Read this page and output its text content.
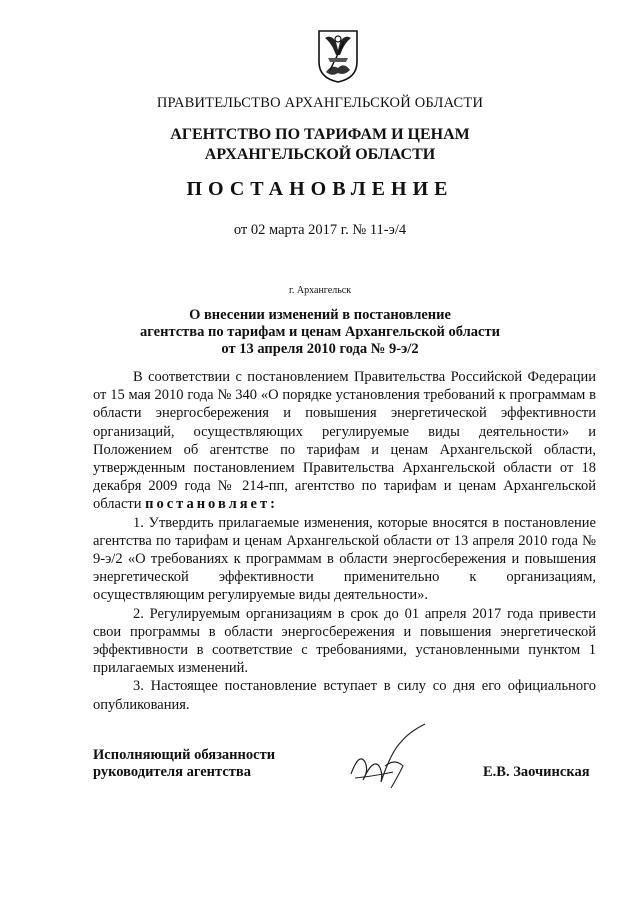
ПРАВИТЕЛЬСТВО АРХАНГЕЛЬСКОЙ ОБЛАСТИ
АГЕНТСТВО ПО ТАРИФАМ И ЦЕНАМ
АРХАНГЕЛЬСКОЙ ОБЛАСТИ
ПОСТАНОВЛЕНИЕ
от 02 марта 2017 г. № 11-э/4
г. Архангельск
О внесении изменений в постановление
агентства по тарифам и ценам Архангельской области
от 13 апреля 2010 года № 9-э/2

В соответствии с постановлением Правительства Российской Федерации от 15 мая 2010 года № 340 «О порядке установления требований к программам в области энергосбережения и повышения энергетической эффективности организаций, осуществляющих регулируемые виды деятельности» и Положением об агентстве по тарифам и ценам Архангельской области, утвержденным постановлением Правительства Архангельской области от 18 декабря 2009 года № 214-пп, агентство по тарифам и ценам Архангельской области постановляет:

1. Утвердить прилагаемые изменения, которые вносятся в постановление агентства по тарифам и ценам Архангельской области от 13 апреля 2010 года № 9-э/2 «О требованиях к программам в области энергосбережения и повышения энергетической эффективности применительно к организациям, осуществляющим регулируемые виды деятельности».

2. Регулируемым организациям в срок до 01 апреля 2017 года привести свои программы в области энергосбережения и повышения энергетической эффективности в соответствие с требованиями, установленными пунктом 1 прилагаемых изменений.

3. Настоящее постановление вступает в силу со дня его официального опубликования.

Исполняющий обязанности
руководителя агентства	Е.В. Заочинская
